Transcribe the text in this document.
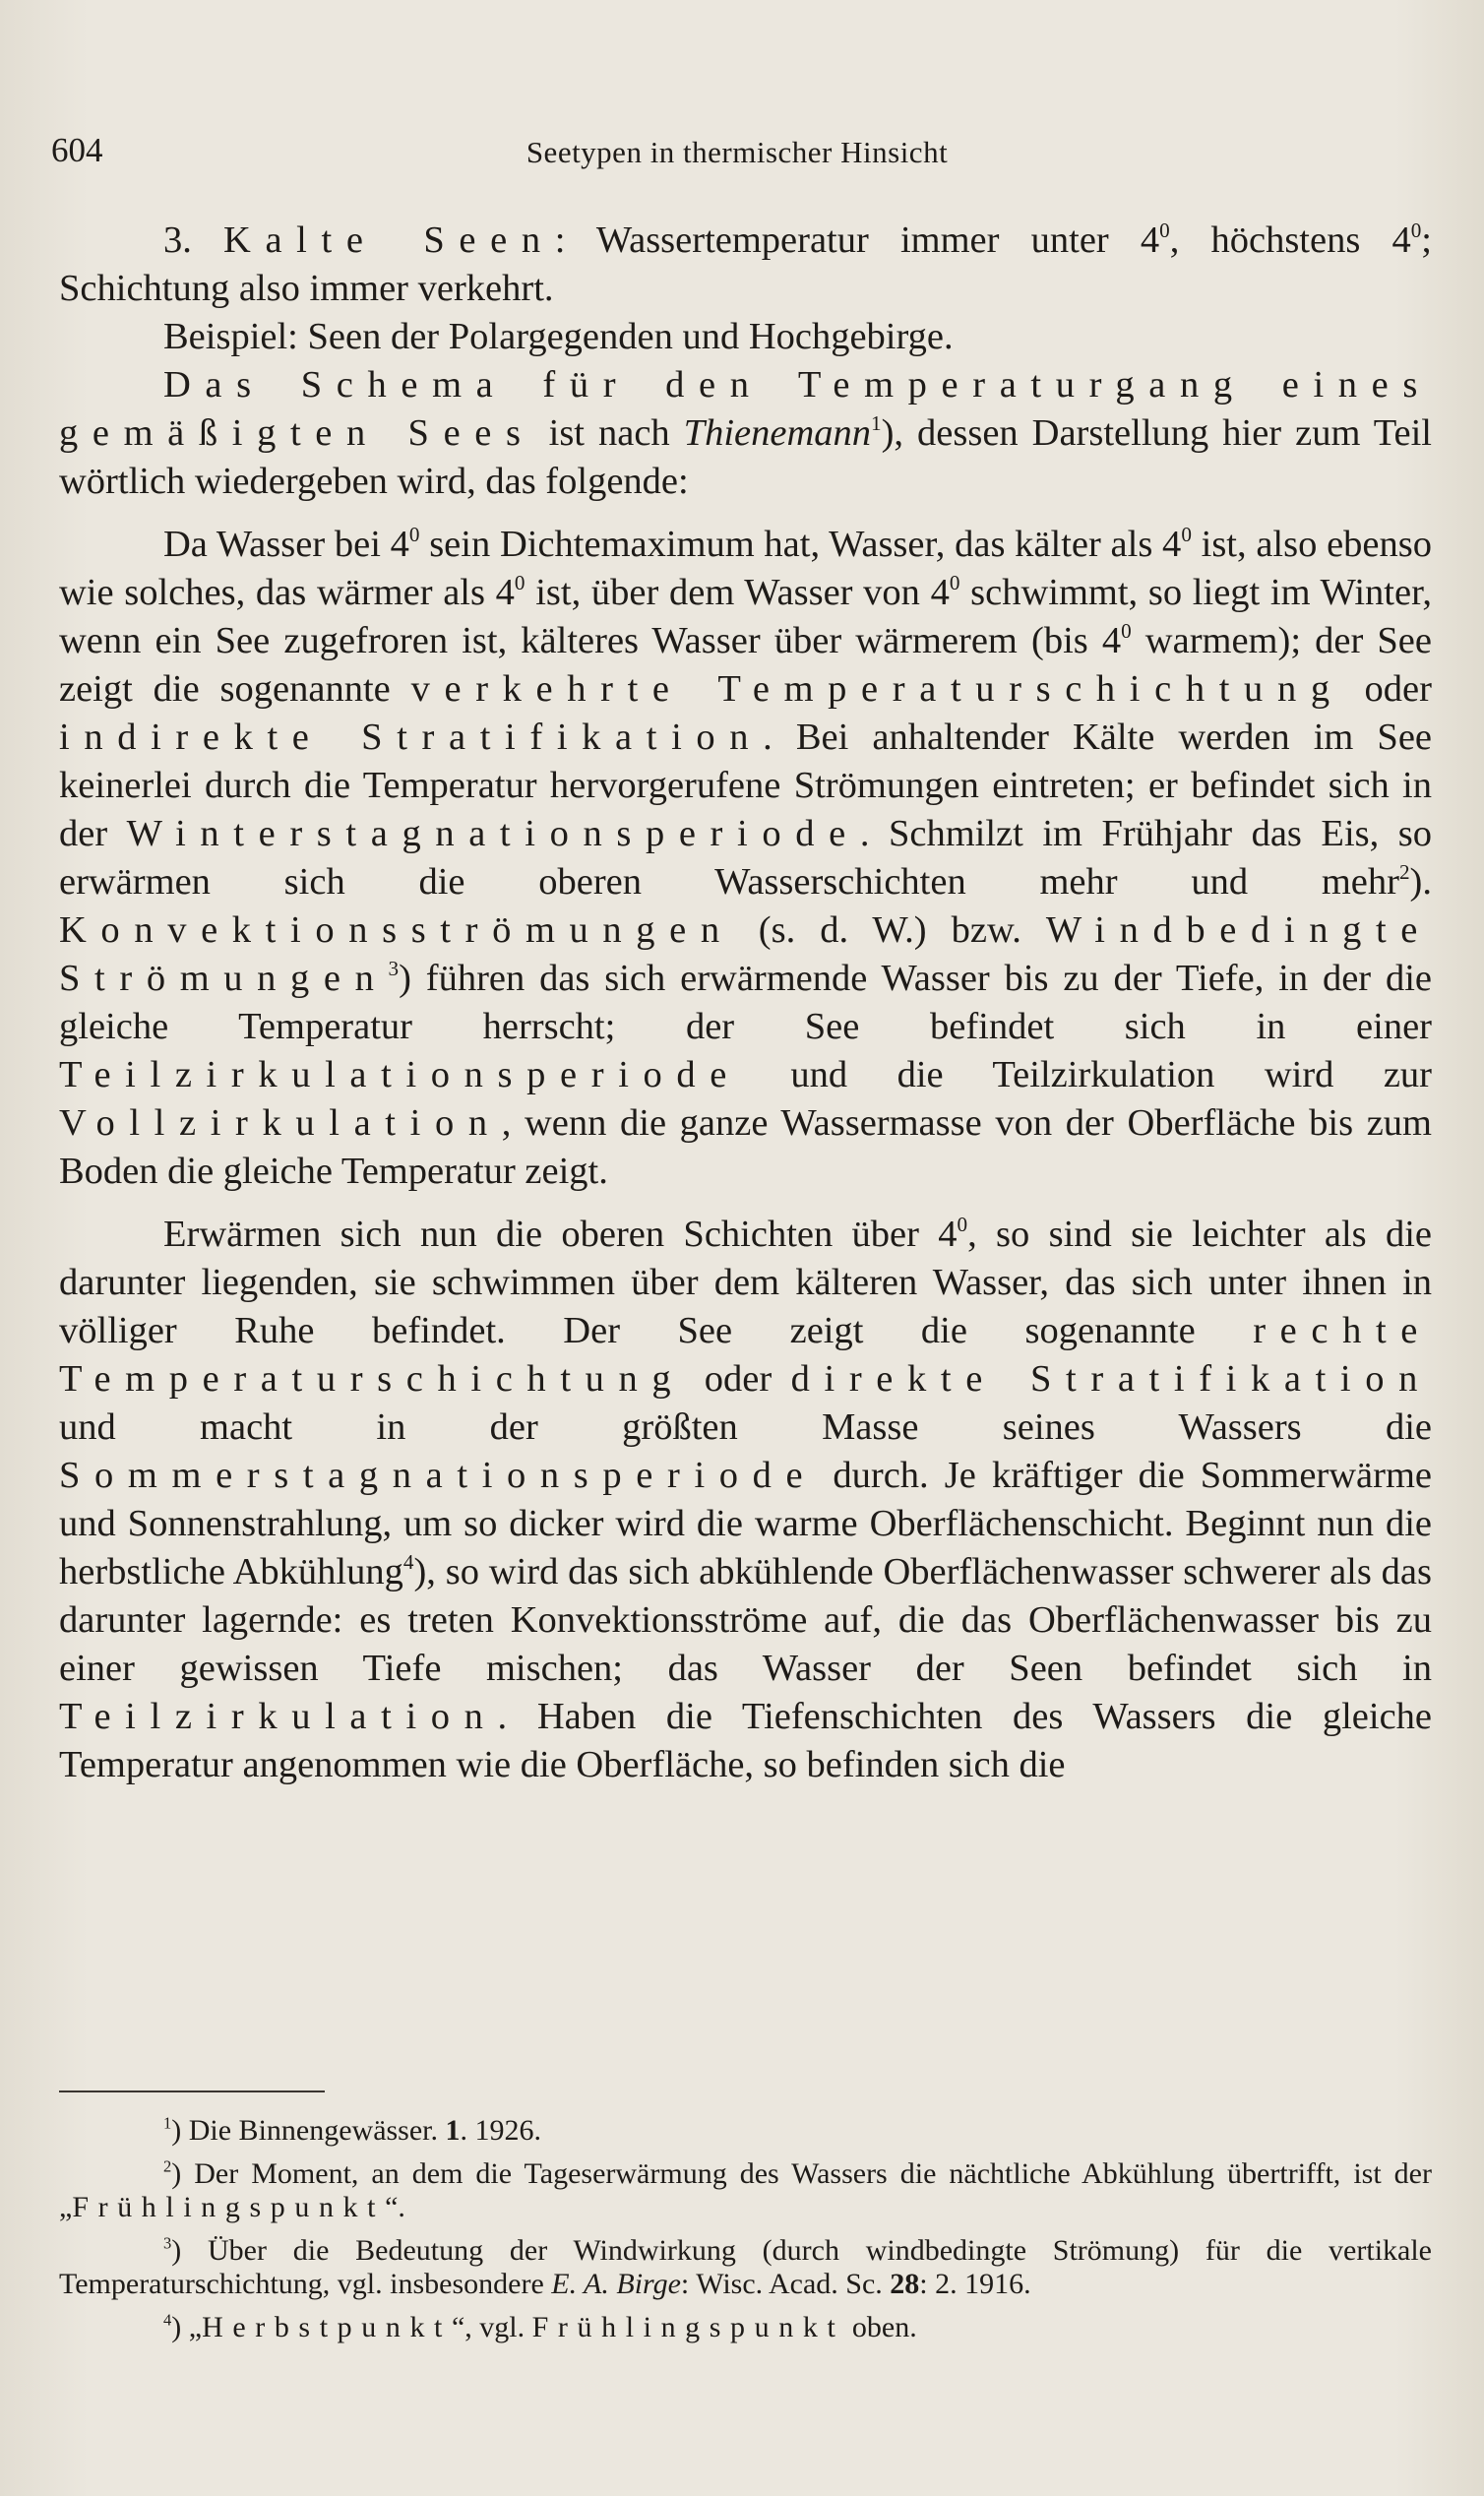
604	Seetypen in thermischer Hinsicht

3. Kalte Seen: Wassertemperatur immer unter $4^0$, höchstens $4^0$; Schichtung also immer verkehrt.

Beispiel: Seen der Polargegenden und Hochgebirge.

Das Schema für den Temperaturgang eines gemäßigten Sees ist nach Thienemann$^1$), dessen Darstellung hier zum Teil wörtlich wiedergeben wird, das folgende:

Da Wasser bei $4^0$ sein Dichtemaximum hat, Wasser, das kälter als $4^0$ ist, also ebenso wie solches, das wärmer als $4^0$ ist, über dem Wasser von $4^0$ schwimmt, so liegt im Winter, wenn ein See zugefroren ist, kälteres Wasser über wärmerem (bis $4^0$ warmem); der See zeigt die sogenannte verkehrte Temperaturschichtung oder indirekte Stratifikation. Bei anhaltender Kälte werden im See keinerlei durch die Temperatur hervorgerufene Strömungen eintreten; er befindet sich in der Winterstagnationsperiode. Schmilzt im Frühjahr das Eis, so erwärmen sich die oberen Wasserschichten mehr und mehr$^2$). Konvektionsströmungen (s. d. W.) bzw. Windbedingte Strömungen$^3$) führen das sich erwärmende Wasser bis zu der Tiefe, in der die gleiche Temperatur herrscht; der See befindet sich in einer Teilzirkulationsperiode und die Teilzirkulation wird zur Vollzirkulation, wenn die ganze Wassermasse von der Oberfläche bis zum Boden die gleiche Temperatur zeigt.

Erwärmen sich nun die oberen Schichten über $4^0$, so sind sie leichter als die darunter liegenden, sie schwimmen über dem kälteren Wasser, das sich unter ihnen in völliger Ruhe befindet. Der See zeigt die sogenannte rechte Temperaturschichtung oder direkte Stratifikation und macht in der größten Masse seines Wassers die Sommerstagnationsperiode durch. Je kräftiger die Sommerwärme und Sonnenstrahlung, um so dicker wird die warme Oberflächenschicht. Beginnt nun die herbstliche Abkühlung$^4$), so wird das sich abkühlende Oberflächenwasser schwerer als das darunter lagernde: es treten Konvektionsströme auf, die das Oberflächenwasser bis zu einer gewissen Tiefe mischen; das Wasser der Seen befindet sich in Teilzirkulation. Haben die Tiefenschichten des Wassers die gleiche Temperatur angenommen wie die Oberfläche, so befinden sich die

$^1$) Die Binnengewässer. 1. 1926.

$^2$) Der Moment, an dem die Tageserwärmung des Wassers die nächtliche Abkühlung übertrifft, ist der „Frühlingspunkt“.

$^3$) Über die Bedeutung der Windwirkung (durch windbedingte Strömung) für die vertikale Temperaturschichtung, vgl. insbesondere E. A. Birge: Wisc. Acad. Sc. 28: 2. 1916.

$^4$) „Herbstpunkt“, vgl. Frühlingspunkt oben.
